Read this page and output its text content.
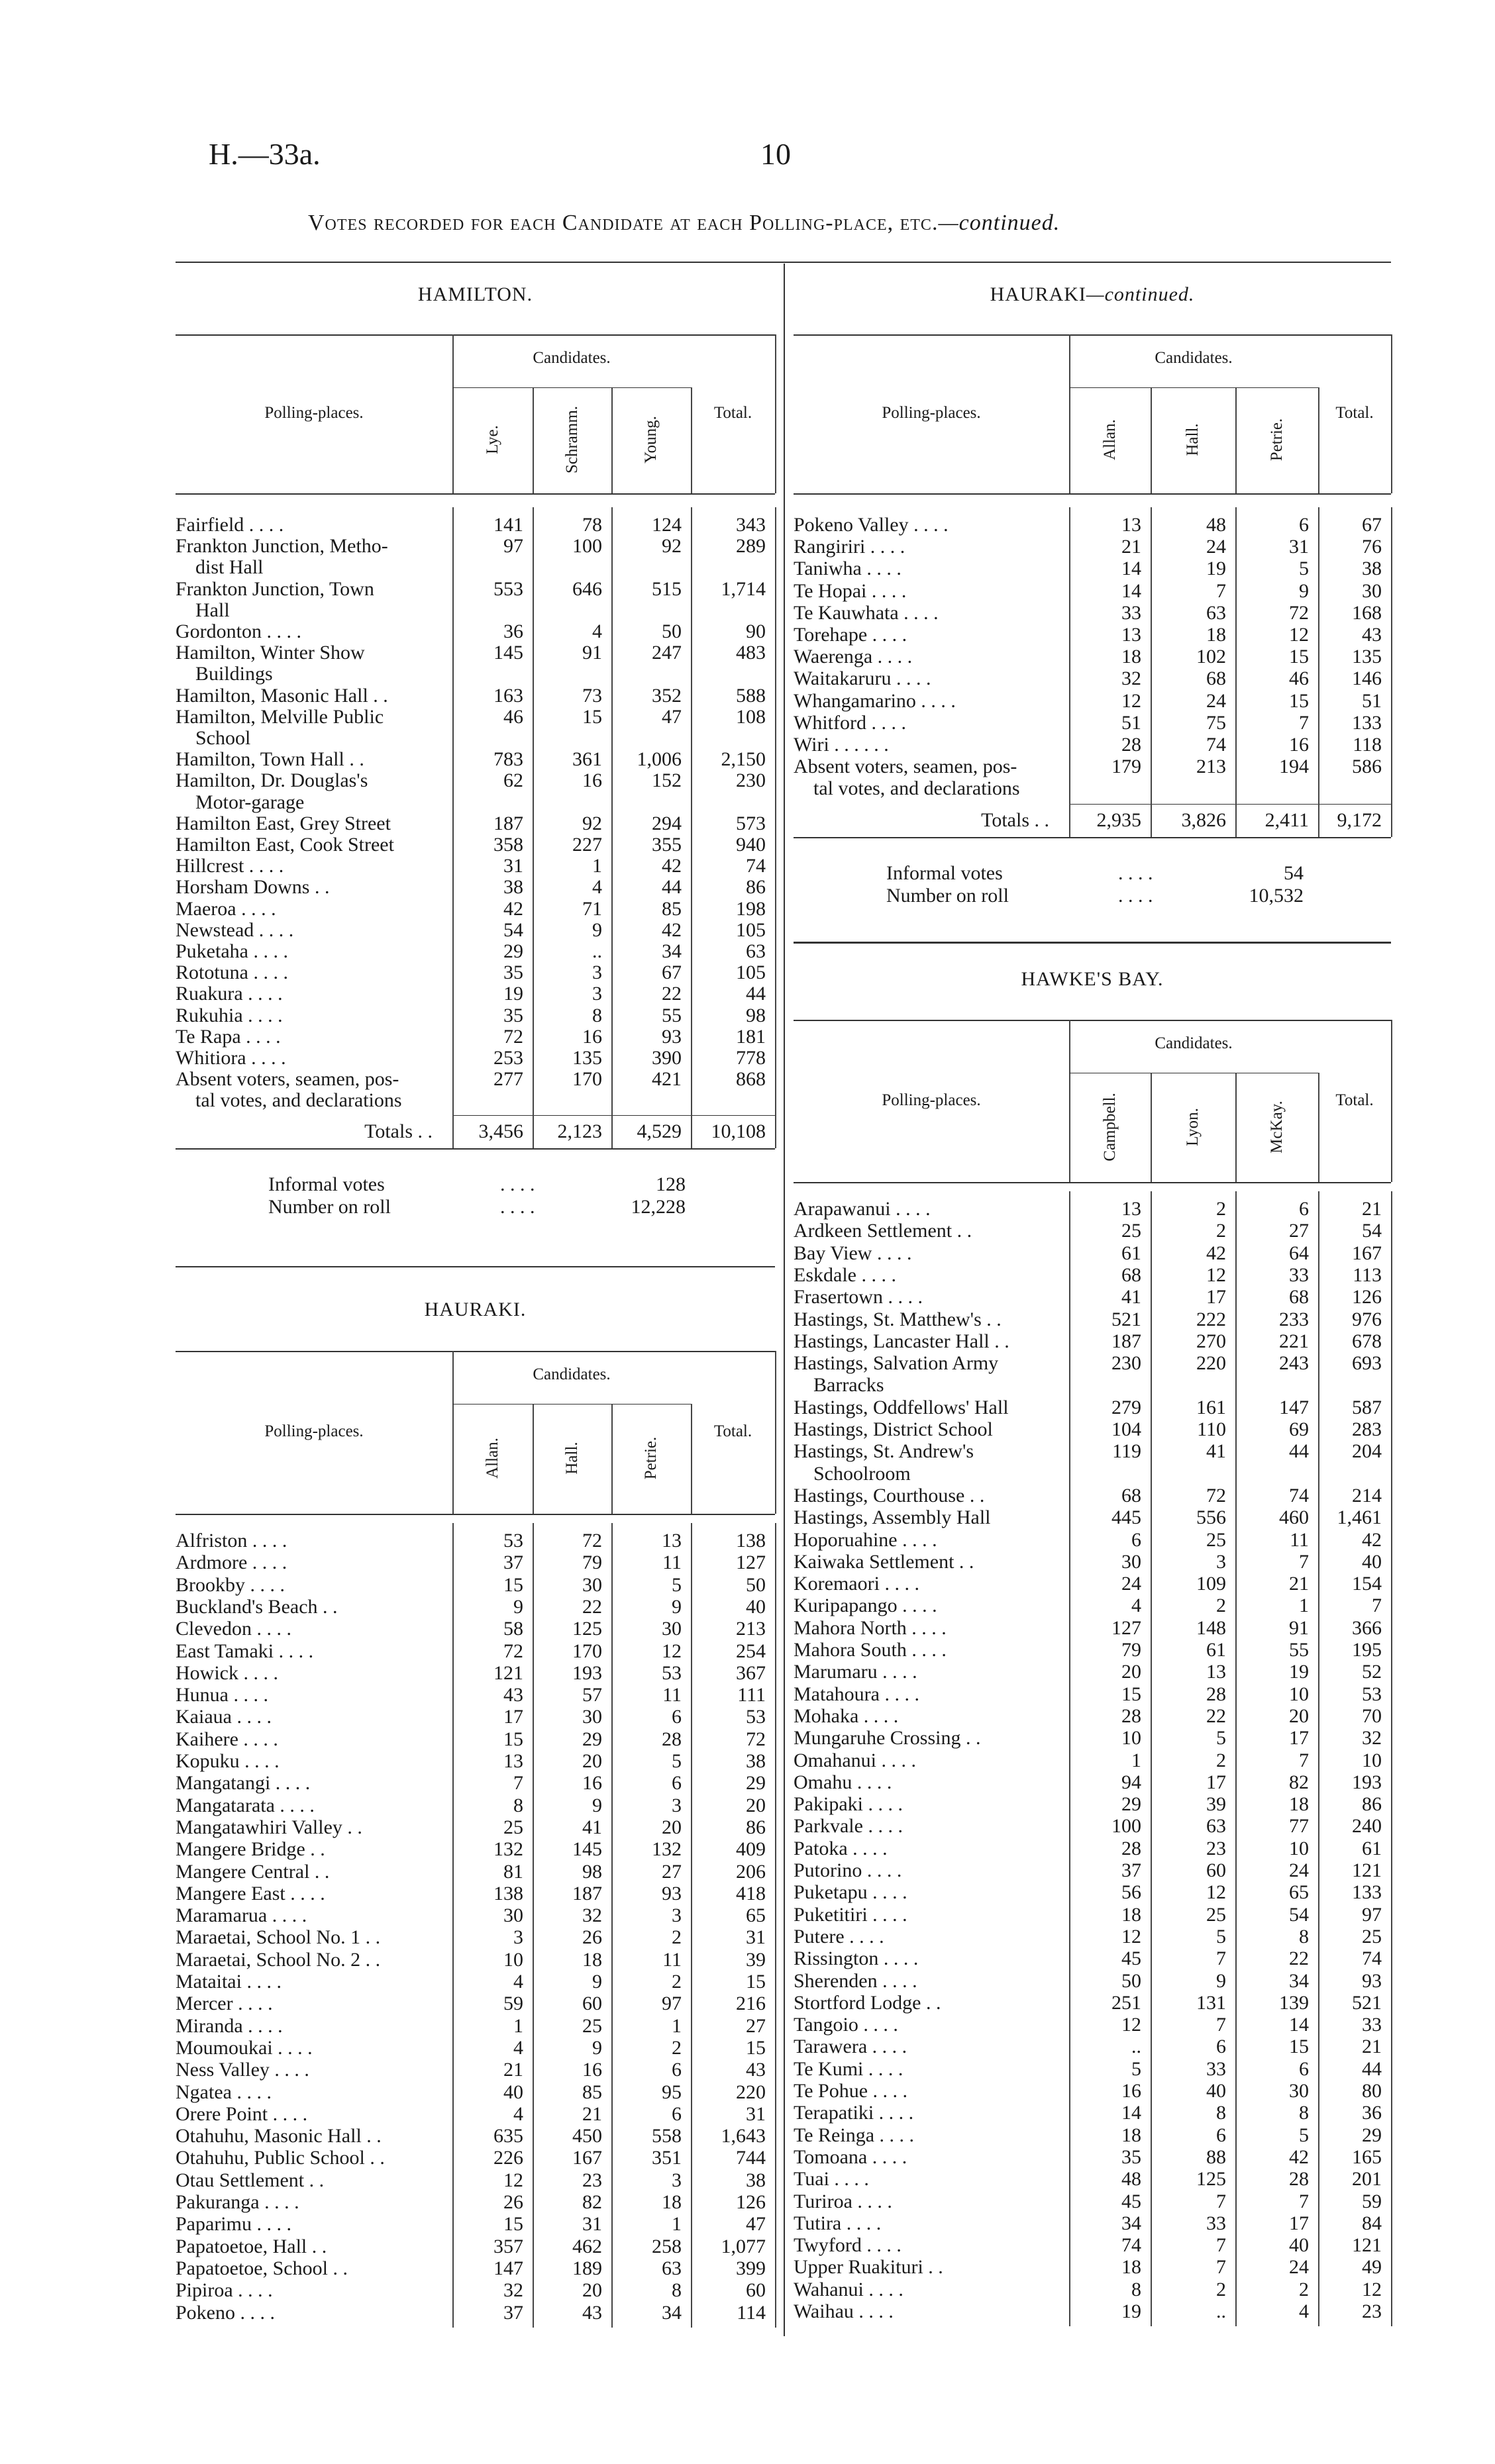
H.—33a.	10
Votes recorded for each Candidate at each Polling-place, etc.—continued.
HAMILTON.
Candidates.
Polling-places.	Total.
Lye.	Schramm.	Young.
Fairfield . . . .	141	78	124	343
Frankton Junction, Metho-	97	100	92	289
dist Hall
Frankton Junction, Town	553	646	515	1,714
Hall
Gordonton . . . .	36	4	50	90
Hamilton, Winter Show	145	91	247	483
Buildings
Hamilton, Masonic Hall . .	163	73	352	588
Hamilton, Melville Public	46	15	47	108
School
Hamilton, Town Hall . .	783	361	1,006	2,150
Hamilton, Dr. Douglas's	62	16	152	230
Motor-garage
Hamilton East, Grey Street	187	92	294	573
Hamilton East, Cook Street	358	227	355	940
Hillcrest . . . .	31	1	42	74
Horsham Downs . .	38	4	44	86
Maeroa . . . .	42	71	85	198
Newstead . . . .	54	9	42	105
Puketaha . . . .	29	..	34	63
Rototuna . . . .	35	3	67	105
Ruakura . . . .	19	3	22	44
Rukuhia . . . .	35	8	55	98
Te Rapa . . . .	72	16	93	181
Whitiora . . . .	253	135	390	778
Absent voters, seamen, pos-	277	170	421	868
tal votes, and declarations
Totals . .	3,456	2,123	4,529	10,108
Informal votes	. . . .	128
Number on roll	. . . .	12,228
HAURAKI.
Candidates.
Polling-places.	Total.
Allan.	Hall.	Petrie.
Alfriston . . . .	53	72	13	138
Ardmore . . . .	37	79	11	127
Brookby . . . .	15	30	5	50
Buckland's Beach . .	9	22	9	40
Clevedon . . . .	58	125	30	213
East Tamaki . . . .	72	170	12	254
Howick . . . .	121	193	53	367
Hunua . . . .	43	57	11	111
Kaiaua . . . .	17	30	6	53
Kaihere . . . .	15	29	28	72
Kopuku . . . .	13	20	5	38
Mangatangi . . . .	7	16	6	29
Mangatarata . . . .	8	9	3	20
Mangatawhiri Valley . .	25	41	20	86
Mangere Bridge . .	132	145	132	409
Mangere Central . .	81	98	27	206
Mangere East . . . .	138	187	93	418
Maramarua . . . .	30	32	3	65
Maraetai, School No. 1 . .	3	26	2	31
Maraetai, School No. 2 . .	10	18	11	39
Mataitai . . . .	4	9	2	15
Mercer . . . .	59	60	97	216
Miranda . . . .	1	25	1	27
Moumoukai . . . .	4	9	2	15
Ness Valley . . . .	21	16	6	43
Ngatea . . . .	40	85	95	220
Orere Point . . . .	4	21	6	31
Otahuhu, Masonic Hall . .	635	450	558	1,643
Otahuhu, Public School . .	226	167	351	744
Otau Settlement . .	12	23	3	38
Pakuranga . . . .	26	82	18	126
Paparimu . . . .	15	31	1	47
Papatoetoe, Hall . .	357	462	258	1,077
Papatoetoe, School . .	147	189	63	399
Pipiroa . . . .	32	20	8	60
Pokeno . . . .	37	43	34	114
HAURAKI—continued.
Candidates.
Polling-places.	Total.
Allan.	Hall.	Petrie.
Pokeno Valley . . . .	13	48	6	67
Rangiriri . . . .	21	24	31	76
Taniwha . . . .	14	19	5	38
Te Hopai . . . .	14	7	9	30
Te Kauwhata . . . .	33	63	72	168
Torehape . . . .	13	18	12	43
Waerenga . . . .	18	102	15	135
Waitakaruru . . . .	32	68	46	146
Whangamarino . . . .	12	24	15	51
Whitford . . . .	51	75	7	133
Wiri . . . . . .	28	74	16	118
Absent voters, seamen, pos-	179	213	194	586
tal votes, and declarations
Totals . .	2,935	3,826	2,411	9,172
Informal votes	. . . .	54
Number on roll	. . . .	10,532
HAWKE'S BAY.
Candidates.
Polling-places.	Total.
Campbell.	Lyon.	McKay.
Arapawanui . . . .	13	2	6	21
Ardkeen Settlement . .	25	2	27	54
Bay View . . . .	61	42	64	167
Eskdale . . . .	68	12	33	113
Frasertown . . . .	41	17	68	126
Hastings, St. Matthew's . .	521	222	233	976
Hastings, Lancaster Hall . .	187	270	221	678
Hastings, Salvation Army	230	220	243	693
Barracks
Hastings, Oddfellows' Hall	279	161	147	587
Hastings, District School	104	110	69	283
Hastings, St. Andrew's	119	41	44	204
Schoolroom
Hastings, Courthouse . .	68	72	74	214
Hastings, Assembly Hall	445	556	460	1,461
Hoporuahine . . . .	6	25	11	42
Kaiwaka Settlement . .	30	3	7	40
Koremaori . . . .	24	109	21	154
Kuripapango . . . .	4	2	1	7
Mahora North . . . .	127	148	91	366
Mahora South . . . .	79	61	55	195
Marumaru . . . .	20	13	19	52
Matahoura . . . .	15	28	10	53
Mohaka . . . .	28	22	20	70
Mungaruhe Crossing . .	10	5	17	32
Omahanui . . . .	1	2	7	10
Omahu . . . .	94	17	82	193
Pakipaki . . . .	29	39	18	86
Parkvale . . . .	100	63	77	240
Patoka . . . .	28	23	10	61
Putorino . . . .	37	60	24	121
Puketapu . . . .	56	12	65	133
Puketitiri . . . .	18	25	54	97
Putere . . . .	12	5	8	25
Rissington . . . .	45	7	22	74
Sherenden . . . .	50	9	34	93
Stortford Lodge . .	251	131	139	521
Tangoio . . . .	12	7	14	33
Tarawera . . . .	..	6	15	21
Te Kumi . . . .	5	33	6	44
Te Pohue . . . .	16	40	30	80
Terapatiki . . . .	14	8	8	36
Te Reinga . . . .	18	6	5	29
Tomoana . . . .	35	88	42	165
Tuai . . . .	48	125	28	201
Turiroa . . . .	45	7	7	59
Tutira . . . .	34	33	17	84
Twyford . . . .	74	7	40	121
Upper Ruakituri . .	18	7	24	49
Wahanui . . . .	8	2	2	12
Waihau . . . .	19	..	4	23
